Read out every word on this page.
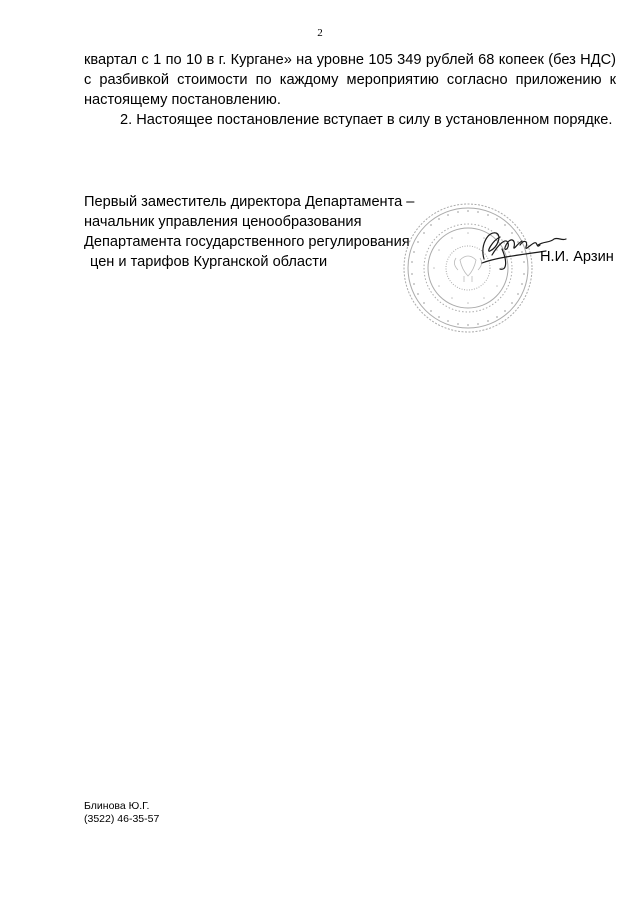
2

квартал с 1 по 10 в г. Кургане» на уровне 105 349 рублей 68 копеек (без НДС) с разбивкой стоимости по каждому мероприятию согласно приложению к настоящему постановлению.

2. Настоящее постановление вступает в силу в установленном порядке.

Первый заместитель директора Департамента –
начальник управления ценообразования
Департамента государственного регулирования
цен и тарифов Курганской области	Н.И. Арзин
Блинова Ю.Г.
(3522) 46-35-57
